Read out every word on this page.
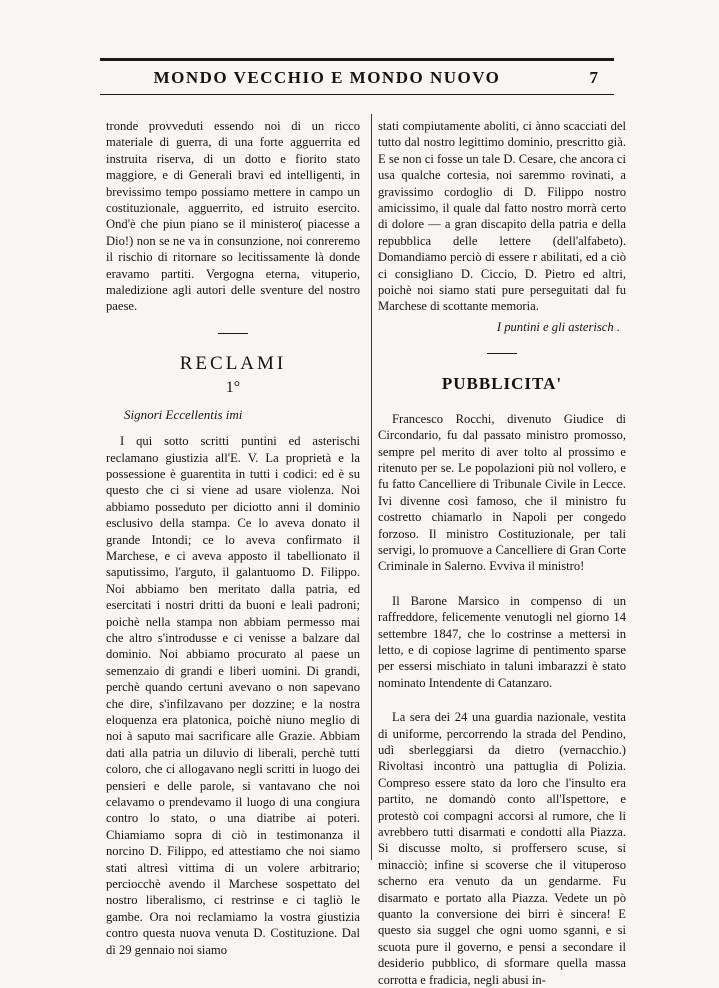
MONDO VECCHIO E MONDO NUOVO	7

tronde provveduti essendo noi di un ricco materiale di guerra, di una forte agguerrita ed instruita riserva, di un dotto e fiorito stato maggiore, e di Generali bravi ed intelligenti, in brevissimo tempo possiamo mettere in campo un costituzionale, agguerrito, ed istruito esercito. Ond'è che piun piano se il ministero( piacesse a Dio!) non se ne va in consunzione, noi conreremo il rischio di ritornare so lecitissamente là donde eravamo partiti. Vergogna eterna, vituperio, maledizione agli autori delle sventure del nostro paese.

RECLAMI
1°
Signori Eccellentis imi

I qui sotto scritti puntini ed asterischi reclamano giustizia all'E. V. La proprietà e la possessione è guarentita in tutti i codici: ed è su questo che ci si viene ad usare violenza. Noi abbiamo posseduto per diciotto anni il dominio esclusivo della stampa. Ce lo aveva donato il grande Intondi; ce lo aveva confirmato il Marchese, e ci aveva apposto il tabellionato il saputissimo, l'arguto, il galantuomo D. Filippo. Noi abbiamo ben meritato dalla patria, ed esercitati i nostri dritti da buoni e leali padroni; poichè nella stampa non abbiam permesso mai che altro s'introdusse e ci venisse a balzare dal dominio. Noi abbiamo procurato al paese un semenzaio di grandi e liberi uomini. Di grandi, perchè quando certuni avevano o non sapevano che dire, s'infilzavano per dozzine; e la nostra eloquenza era platonica, poichè niuno meglio di noi à saputo mai sacrificare alle Grazie. Abbiam dati alla patria un diluvio di liberali, perchè tutti coloro, che ci allogavano negli scritti in luogo dei pensieri e delle parole, si vantavano che noi celavamo o prendevamo il luogo di una congiura contro lo stato, o una diatribe ai poteri. Chiamiamo sopra di ciò in testimonanza il norcino D. Filippo, ed attestiamo che noi siamo stati altresì vittima di un volere arbitrario; perciocchè avendo il Marchese sospettato del nostro liberalismo, ci restrinse e ci tagliò le gambe. Ora noi reclamiamo la vostra giustizia contro questa nuova venuta D. Costituzione. Dal dì 29 gennaio noi siamo

stati compiutamente aboliti, ci ànno scacciati del tutto dal nostro legittimo dominio, prescritto già. E se non ci fosse un tale D. Cesare, che ancora ci usa qualche cortesia, noi saremmo rovinati, a gravissimo cordoglio di D. Filippo nostro amicissimo, il quale dal fatto nostro morrà certo di dolore — a gran discapito della patria e della repubblica delle lettere (dell'alfabeto). Domandiamo perciò di essere r abilitati, ed a ciò ci consigliano D. Ciccio, D. Pietro ed altri, poichè noi siamo stati pure perseguitati dal fu Marchese di scottante memoria.

I puntini e gli asterisch .
PUBBLICITA'

Francesco Rocchi, divenuto Giudice di Circondario, fu dal passato ministro promosso, sempre pel merito di aver tolto al prossimo e ritenuto per se. Le popolazioni più nol vollero, e fu fatto Cancelliere di Tribunale Civile in Lecce. Ivi divenne così famoso, che il ministro fu costretto chiamarlo in Napoli per congedo forzoso. Il ministro Costituzionale, per tali servigi, lo promuove a Cancelliere di Gran Corte Criminale in Salerno. Evviva il ministro!

Il Barone Marsico in compenso di un raffreddore, felicemente venutogli nel giorno 14 settembre 1847, che lo costrinse a mettersi in letto, e di copiose lagrime di pentimento sparse per essersi mischiato in taluni imbarazzi è stato nominato Intendente di Catanzaro.

La sera dei 24 una guardia nazionale, vestita di uniforme, percorrendo la strada del Pendino, udì sberleggiarsi da dietro (vernacchio.) Rivoltasi incontrò una pattuglia di Polizia. Compreso essere stato da loro che l'insulto era partito, ne domandò conto all'Ispettore, e protestò coi compagni accorsi al rumore, che li avrebbero tutti disarmati e condotti alla Piazza. Si discusse molto, si proffersero scuse, si minacciò; infine si scoverse che il vituperoso scherno era venuto da un gendarme. Fu disarmato e portato alla Piazza. Vedete un pò quanto la conversione dei birri è sincera! E questo sia suggel che ogni uomo sganni, e si scuota pure il governo, e pensi a secondare il desiderio pubblico, di sformare quella massa corrotta e fradicia, negli abusi in-
